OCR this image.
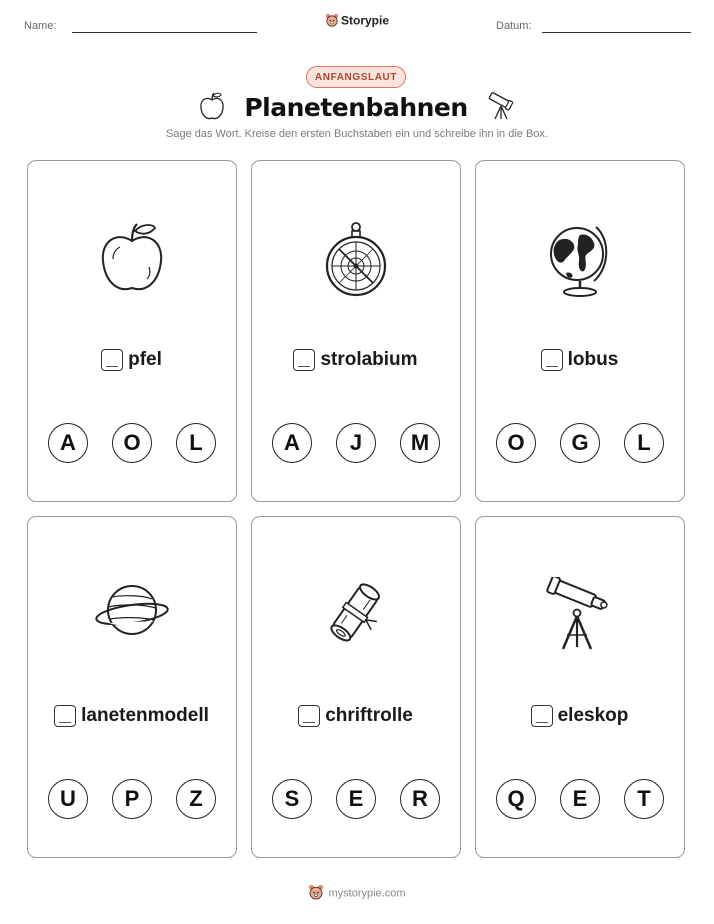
Name:	Storypie	Datum:
ANFANGSLAUT
Planetenbahnen
Sage das Wort. Kreise den ersten Buchstaben ein und schreibe ihn in die Box.
pfel
A	O	L
strolabium
A	J	M
lobus
O	G	L
lanetenmodell
U	P	Z
chriftrolle
S	E	R
eleskop
Q	E	T
mystorypie.com
